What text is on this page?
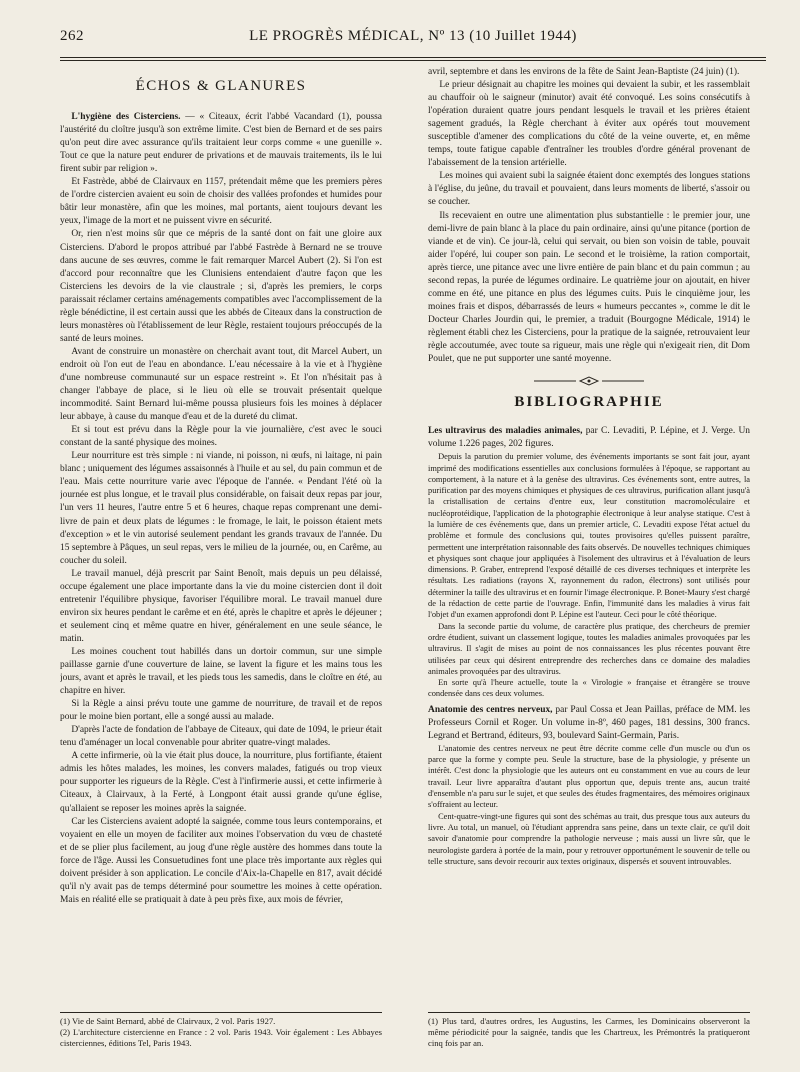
262	LE PROGRÈS MÉDICAL, Nº 13 (10 Juillet 1944)
ÉCHOS & GLANURES

L'hygiène des Cisterciens. — « Citeaux, écrit l'abbé Vacandard (1), poussa l'austérité du cloître jusqu'à son extrême limite. C'est bien de Bernard et de ses pairs qu'on peut dire avec assurance qu'ils traitaient leur corps comme « une guenille ». Tout ce que la nature peut endurer de privations et de mauvais traitements, ils le lui firent subir par religion ».

Et Fastrède, abbé de Clairvaux en 1157, prétendait même que les premiers pères de l'ordre cistercien avaient eu soin de choisir des vallées profondes et humides pour bâtir leur monastère, afin que les moines, mal portants, aient toujours devant les yeux, l'image de la mort et ne puissent vivre en sécurité.

Or, rien n'est moins sûr que ce mépris de la santé dont on fait une gloire aux Cisterciens. D'abord le propos attribué par l'abbé Fastrède à Bernard ne se trouve dans aucune de ses œuvres, comme le fait remarquer Marcel Aubert (2). Si l'on est d'accord pour reconnaître que les Clunisiens entendaient d'autre façon que les Cisterciens les devoirs de la vie claustrale ; si, d'après les premiers, le corps paraissait réclamer certains aménagements compatibles avec l'accomplissement de la règle bénédictine, il est certain aussi que les abbés de Citeaux dans la construction de leurs monastères où l'établissement de leur Règle, restaient toujours préoccupés de la santé de leurs moines.

Avant de construire un monastère on cherchait avant tout, dit Marcel Aubert, un endroit où l'on eut de l'eau en abondance. L'eau nécessaire à la vie et à l'hygiène d'une nombreuse communauté sur un espace restreint ». Et l'on n'hésitait pas à changer l'abbaye de place, si le lieu où elle se trouvait présentait quelque incommodité. Saint Bernard lui-même poussa plusieurs fois les moines à déplacer leur abbaye, à cause du manque d'eau et de la dureté du climat.

Et si tout est prévu dans la Règle pour la vie journalière, c'est avec le souci constant de la santé physique des moines.

Leur nourriture est très simple : ni viande, ni poisson, ni œufs, ni laitage, ni pain blanc ; uniquement des légumes assaisonnés à l'huile et au sel, du pain commun et de l'eau. Mais cette nourriture varie avec l'époque de l'année. « Pendant l'été où la journée est plus longue, et le travail plus considérable, on faisait deux repas par jour, l'un vers 11 heures, l'autre entre 5 et 6 heures, chaque repas comprenant une demi-livre de pain et deux plats de légumes : le fromage, le lait, le poisson étaient mets d'exception » et le vin autorisé seulement pendant les grands travaux de l'année. Du 15 septembre à Pâques, un seul repas, vers le milieu de la journée, ou, en Carême, au coucher du soleil.

Le travail manuel, déjà prescrit par Saint Benoît, mais depuis un peu délaissé, occupe également une place importante dans la vie du moine cistercien dont il doit entretenir l'équilibre physique, favoriser l'équilibre moral. Le travail manuel dure environ six heures pendant le carême et en été, après le chapitre et après le déjeuner ; et seulement cinq et même quatre en hiver, généralement en une seule séance, le matin.

Les moines couchent tout habillés dans un dortoir commun, sur une simple paillasse garnie d'une couverture de laine, se lavent la figure et les mains tous les jours, avant et après le travail, et les pieds tous les samedis, dans le cloître en été, au chapitre en hiver.

Si la Règle a ainsi prévu toute une gamme de nourriture, de travail et de repos pour le moine bien portant, elle a songé aussi au malade.

D'après l'acte de fondation de l'abbaye de Citeaux, qui date de 1094, le prieur était tenu d'aménager un local convenable pour abriter quatre-vingt malades.

A cette infirmerie, où la vie était plus douce, la nourriture, plus fortifiante, étaient admis les hôtes malades, les moines, les convers malades, fatigués ou trop vieux pour supporter les rigueurs de la Règle. C'est à l'infirmerie aussi, et cette infirmerie à Citeaux, à Clairvaux, à la Ferté, à Longpont était aussi grande qu'une église, qu'allaient se reposer les moines après la saignée.

Car les Cisterciens avaient adopté la saignée, comme tous leurs contemporains, et voyaient en elle un moyen de faciliter aux moines l'observation du vœu de chasteté et de se plier plus facilement, au joug d'une règle austère des hommes dans toute la force de l'âge. Aussi les Consuetudines font une place très importante aux règles qui doivent présider à son application. Le concile d'Aix-la-Chapelle en 817, avait décidé qu'il n'y avait pas de temps déterminé pour soumettre les moines à cette opération. Mais en réalité elle se pratiquait à date à peu près fixe, aux mois de février,

avril, septembre et dans les environs de la fête de Saint Jean-Baptiste (24 juin) (1).

Le prieur désignait au chapitre les moines qui devaient la subir, et les rassemblait au chauffoir où le saigneur (minutor) avait été convoqué. Les soins consécutifs à l'opération duraient quatre jours pendant lesquels le travail et les prières étaient sagement gradués, la Règle cherchant à éviter aux opérés tout mouvement susceptible d'amener des complications du côté de la veine ouverte, et, en même temps, toute fatigue capable d'entraîner les troubles d'ordre général provenant de l'abaissement de la tension artérielle.

Les moines qui avaient subi la saignée étaient donc exemptés des longues stations à l'église, du jeûne, du travail et pouvaient, dans leurs moments de liberté, s'assoir ou se coucher.

Ils recevaient en outre une alimentation plus substantielle : le premier jour, une demi-livre de pain blanc à la place du pain ordinaire, ainsi qu'une pitance (portion de viande et de vin). Ce jour-là, celui qui servait, ou bien son voisin de table, pouvait aider l'opéré, lui couper son pain. Le second et le troisième, la ration comportait, après tierce, une pitance avec une livre entière de pain blanc et du pain commun ; au second repas, la purée de légumes ordinaire. Le quatrième jour on ajoutait, en hiver comme en été, une pitance en plus des légumes cuits. Puis le cinquième jour, les moines frais et dispos, débarrassés de leurs « humeurs peccantes », comme le dit le Docteur Charles Jourdin qui, le premier, a traduit (Bourgogne Médicale, 1914) le règlement établi chez les Cisterciens, pour la pratique de la saignée, retrouvaient leur règle accoutumée, avec toute sa rigueur, mais une règle qui n'exigeait rien, dit Dom Poulet, que ne put supporter une santé moyenne.

BIBLIOGRAPHIE

Les ultravirus des maladies animales, par C. Levaditi, P. Lépine, et J. Verge. Un volume 1.226 pages, 202 figures.

Depuis la parution du premier volume, des événements importants se sont fait jour, ayant imprimé des modifications essentielles aux conclusions formulées à l'époque, se rapportant au comportement, à la nature et à la genèse des ultravirus. Ces événements sont, entre autres, la purification par des moyens chimiques et physiques de ces ultravirus, purification allant jusqu'à la cristallisation de certains d'entre eux, leur constitution macromoléculaire et nucléoprotéidique, l'application de la photographie électronique à leur analyse statique. C'est à la lumière de ces événements que, dans un premier article, C. Levaditi expose l'état actuel du problème et formule des conclusions qui, toutes provisoires qu'elles puissent paraître, permettent une interprétation raisonnable des faits observés. De nouvelles techniques chimiques et physiques sont chaque jour appliquées à l'isolement des ultravirus et à l'évaluation de leurs dimensions. P. Graber, entreprend l'exposé détaillé de ces diverses techniques et interprète les résultats. Les radiations (rayons X, rayonnement du radon, électrons) sont utilisés pour déterminer la taille des ultravirus et en fournir l'image électronique. P. Bonet-Maury s'est chargé de la rédaction de cette partie de l'ouvrage. Enfin, l'immunité dans les maladies à virus fait l'objet d'un examen approfondi dont P. Lépine est l'auteur. Ceci pour le côté théorique.

Dans la seconde partie du volume, de caractère plus pratique, des chercheurs de premier ordre étudient, suivant un classement logique, toutes les maladies animales provoquées par les ultravirus. Il s'agit de mises au point de nos connaissances les plus récentes pouvant être utilisées par ceux qui désirent entreprendre des recherches dans ce domaine des maladies animales provoquées par des ultravirus.

En sorte qu'à l'heure actuelle, toute la « Virologie » française et étrangère se trouve condensée dans ces deux volumes.

Anatomie des centres nerveux, par Paul Cossa et Jean Paillas, préface de MM. les Professeurs Cornil et Roger. Un volume in-8º, 460 pages, 181 dessins, 300 francs. Legrand et Bertrand, éditeurs, 93, boulevard Saint-Germain, Paris.

L'anatomie des centres nerveux ne peut être décrite comme celle d'un muscle ou d'un os parce que la forme y compte peu. Seule la structure, base de la physiologie, y présente un intérêt. C'est donc la physiologie que les auteurs ont eu constamment en vue au cours de leur travail. Leur livre apparaîtra d'autant plus opportun que, depuis trente ans, aucun traité d'ensemble n'a paru sur le sujet, et que seules des études fragmentaires, des mémoires originaux s'offraient au lecteur.

Cent-quatre-vingt-une figures qui sont des schémas au trait, dus presque tous aux auteurs du livre. Au total, un manuel, où l'étudiant apprendra sans peine, dans un texte clair, ce qu'il doit savoir d'anatomie pour comprendre la pathologie nerveuse ; mais aussi un livre sûr, que le neurologiste gardera à portée de la main, pour y retrouver opportunément le souvenir de telle ou telle structure, sans devoir recourir aux textes originaux, dispersés et souvent introuvables.

(1) Vie de Saint Bernard, abbé de Clairvaux, 2 vol. Paris 1927.

(2) L'architecture cistercienne en France : 2 vol. Paris 1943. Voir également : Les Abbayes cisterciennes, éditions Tel, Paris 1943.

(1) Plus tard, d'autres ordres, les Augustins, les Carmes, les Dominicains observeront la même périodicité pour la saignée, tandis que les Chartreux, les Prémontrés la pratiqueront cinq fois par an.
